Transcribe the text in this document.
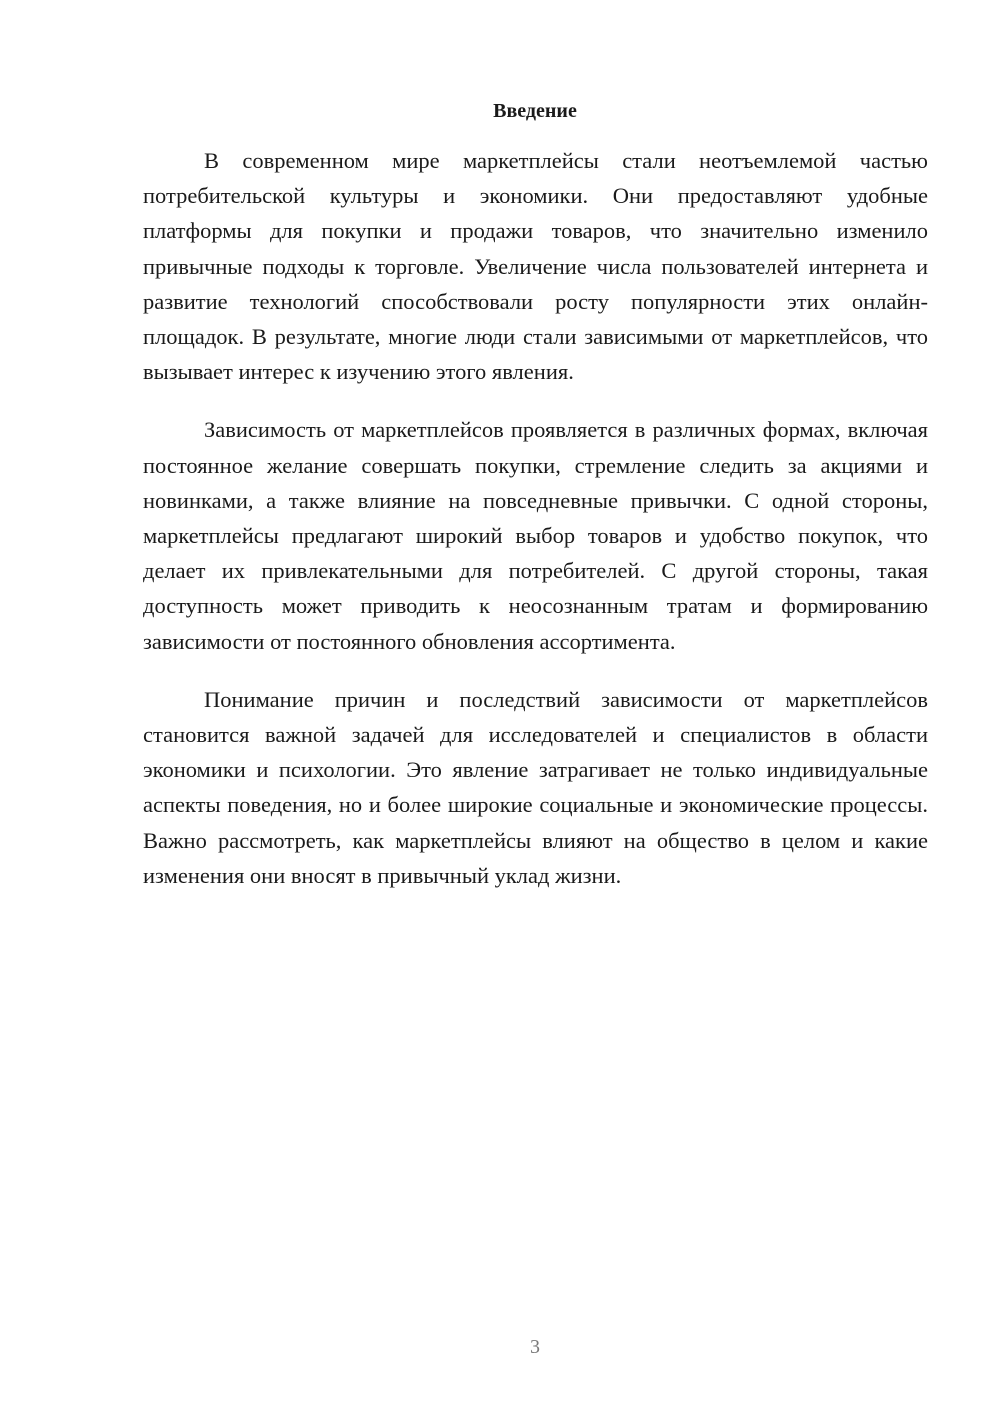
Введение

В современном мире маркетплейсы стали неотъемлемой частью потребительской культуры и экономики. Они предоставляют удобные платформы для покупки и продажи товаров, что значительно изменило привычные подходы к торговле. Увеличение числа пользователей интернета и развитие технологий способствовали росту популярности этих онлайн-площадок. В результате, многие люди стали зависимыми от маркетплейсов, что вызывает интерес к изучению этого явления.

Зависимость от маркетплейсов проявляется в различных формах, включая постоянное желание совершать покупки, стремление следить за акциями и новинками, а также влияние на повседневные привычки. С одной стороны, маркетплейсы предлагают широкий выбор товаров и удобство покупок, что делает их привлекательными для потребителей. С другой стороны, такая доступность может приводить к неосознанным тратам и формированию зависимости от постоянного обновления ассортимента.

Понимание причин и последствий зависимости от маркетплейсов становится важной задачей для исследователей и специалистов в области экономики и психологии. Это явление затрагивает не только индивидуальные аспекты поведения, но и более широкие социальные и экономические процессы. Важно рассмотреть, как маркетплейсы влияют на общество в целом и какие изменения они вносят в привычный уклад жизни.

3
